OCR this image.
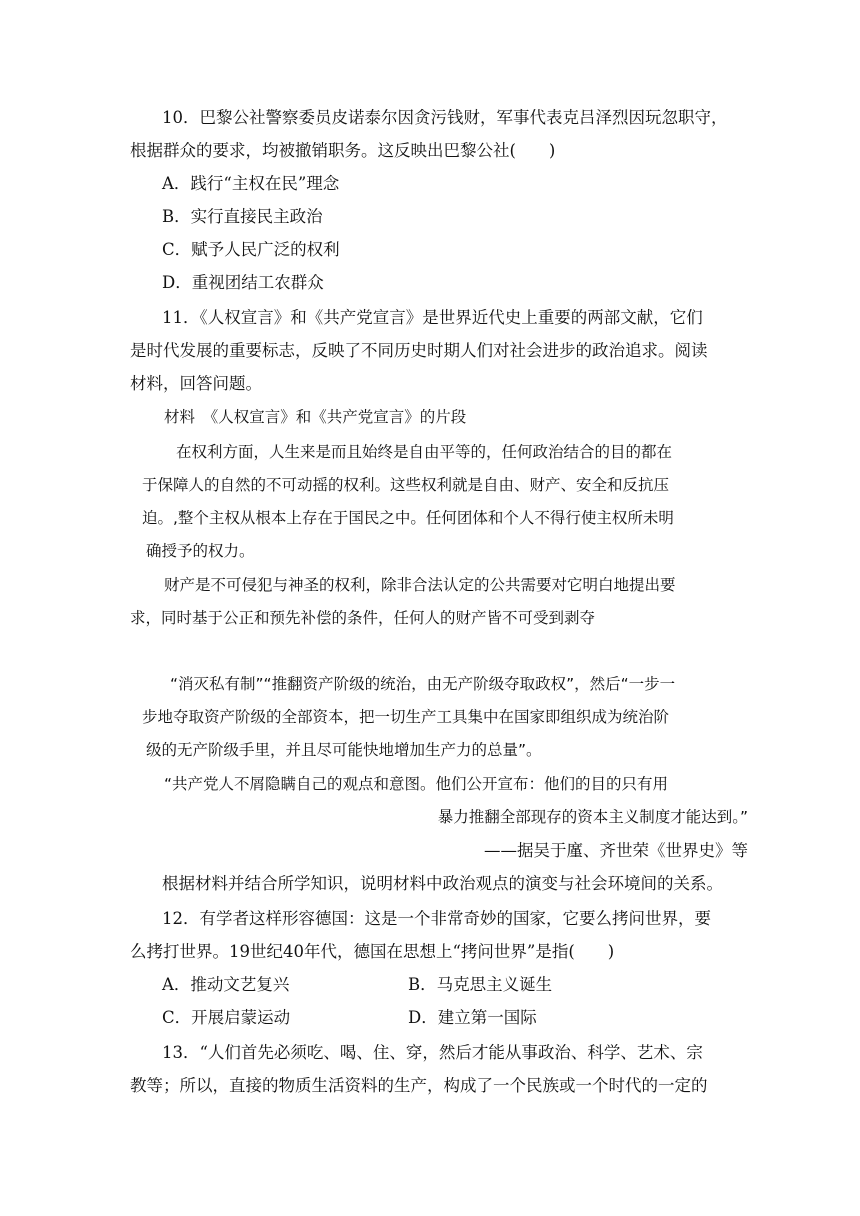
10．巴黎公社警察委员皮诺泰尔因贪污钱财，军事代表克吕泽烈因玩忽职守，
根据群众的要求，均被撤销职务。这反映出巴黎公社(　　)
A．践行“主权在民”理念
B．实行直接民主政治
C．赋予人民广泛的权利
D．重视团结工农群众
11．《人权宣言》和《共产党宣言》是世界近代史上重要的两部文献，它们
是时代发展的重要标志，反映了不同历史时期人们对社会进步的政治追求。阅读
材料，回答问题。
材料　《人权宣言》和《共产党宣言》的片段
在权利方面，人生来是而且始终是自由平等的，任何政治结合的目的都在
于保障人的自然的不可动摇的权利。这些权利就是自由、财产、安全和反抗压
迫。,整个主权从根本上存在于国民之中。任何团体和个人不得行使主权所未明
确授予的权力。
财产是不可侵犯与神圣的权利，除非合法认定的公共需要对它明白地提出要
求，同时基于公正和预先补偿的条件，任何人的财产皆不可受到剥夺
“消灭私有制”“推翻资产阶级的统治，由无产阶级夺取政权”，然后“一步一
步地夺取资产阶级的全部资本，把一切生产工具集中在国家即组织成为统治阶
级的无产阶级手里，并且尽可能快地增加生产力的总量”。
“共产党人不屑隐瞒自己的观点和意图。他们公开宣布：他们的目的只有用
暴力推翻全部现存的资本主义制度才能达到。”
——据吴于廑、齐世荣《世界史》等
根据材料并结合所学知识，说明材料中政治观点的演变与社会环境间的关系。
12．有学者这样形容德国：这是一个非常奇妙的国家，它要么拷问世界，要
么拷打世界。19世纪40年代，德国在思想上“拷问世界”是指(　　)
A．推动文艺复兴	B．马克思主义诞生
C．开展启蒙运动	D．建立第一国际
13．“人们首先必须吃、喝、住、穿，然后才能从事政治、科学、艺术、宗
教等；所以，直接的物质生活资料的生产，构成了一个民族或一个时代的一定的
